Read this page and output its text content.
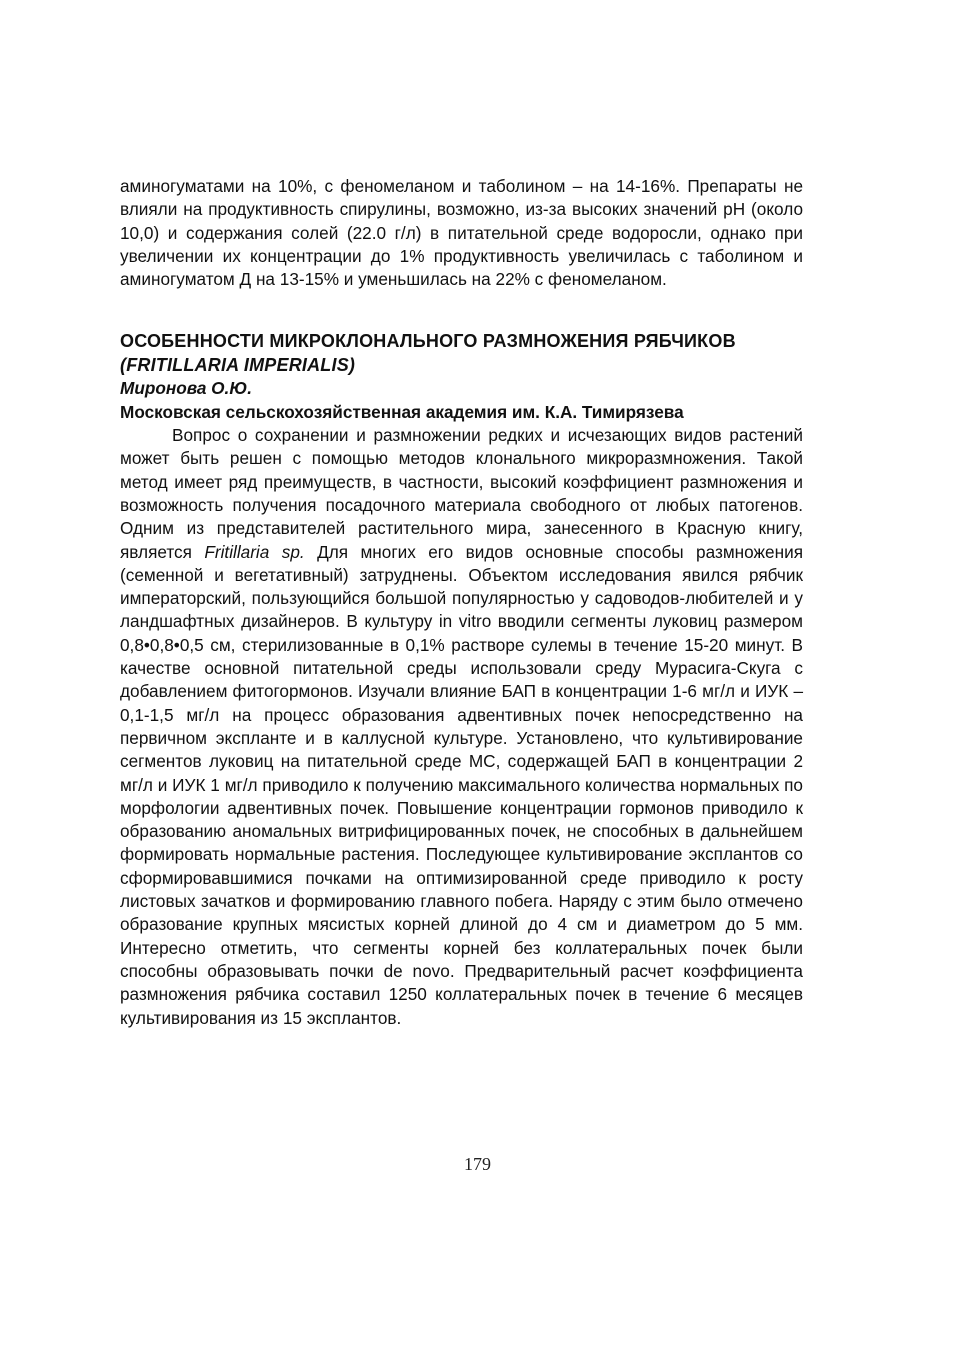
аминогуматами на 10%, с феномеланом и таболином – на 14-16%. Препараты не влияли на продуктивность спирулины, возможно, из-за высоких значений pH (около 10,0) и содержания солей (22.0 г/л) в питательной среде водоросли, однако при увеличении их концентрации до 1% продуктивность увеличилась с таболином и аминогуматом Д на 13-15% и уменьшилась на 22% с феномеланом.

ОСОБЕННОСТИ МИКРОКЛОНАЛЬНОГО РАЗМНОЖЕНИЯ РЯБЧИКОВ (FRITILLARIA IMPERIALIS)

Миронова О.Ю.

Московская сельскохозяйственная академия им. К.А. Тимирязева

Вопрос о сохранении и размножении редких и исчезающих видов растений может быть решен с помощью методов клонального микроразмножения. Такой метод имеет ряд преимуществ, в частности, высокий коэффициент размножения и возможность получения посадочного материала свободного от любых патогенов. Одним из представителей растительного мира, занесенного в Красную книгу, является Fritillaria sp. Для многих его видов основные способы размножения (семенной и вегетативный) затруднены. Объектом исследования явился рябчик императорский, пользующийся большой популярностью у садоводов-любителей и у ландшафтных дизайнеров. В культуру in vitro вводили сегменты луковиц размером 0,8•0,8•0,5 см, стерилизованные в 0,1% растворе сулемы в течение 15-20 минут. В качестве основной питательной среды использовали среду Мурасига-Скуга с добавлением фитогормонов. Изучали влияние БАП в концентрации 1-6 мг/л и ИУК – 0,1-1,5 мг/л на процесс образования адвентивных почек непосредственно на первичном экспланте и в каллусной культуре. Установлено, что культивирование сегментов луковиц на питательной среде МС, содержащей БАП в концентрации 2 мг/л и ИУК 1 мг/л приводило к получению максимального количества нормальных по морфологии адвентивных почек. Повышение концентрации гормонов приводило к образованию аномальных витрифицированных почек, не способных в дальнейшем формировать нормальные растения. Последующее культивирование эксплантов со сформировавшимися почками на оптимизированной среде приводило к росту листовых зачатков и формированию главного побега. Наряду с этим было отмечено образование крупных мясистых корней длиной до 4 см и диаметром до 5 мм. Интересно отметить, что сегменты корней без коллатеральных почек были способны образовывать почки de novo. Предварительный расчет коэффициента размножения рябчика составил 1250 коллатеральных почек в течение 6 месяцев культивирования из 15 эксплантов.

179
